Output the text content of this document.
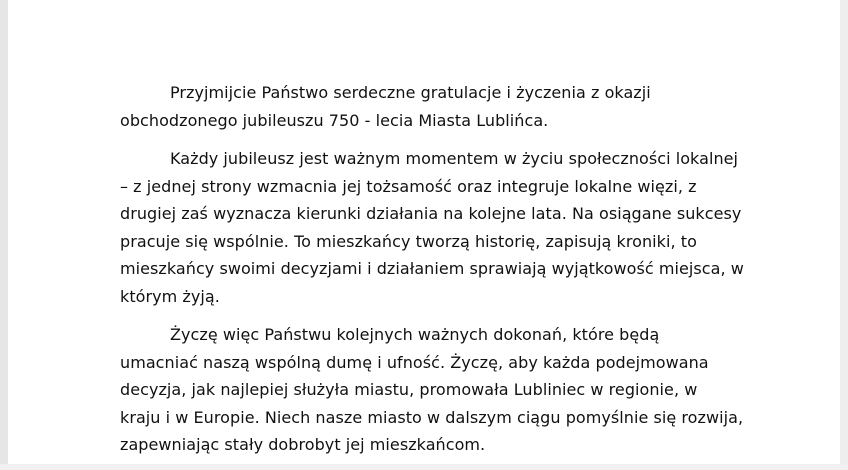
Przyjmijcie Państwo serdeczne gratulacje i życzenia z okazji
obchodzonego jubileuszu 750 - lecia Miasta Lublińca.

Każdy jubileusz jest ważnym momentem w życiu społeczności lokalnej
– z jednej strony wzmacnia jej tożsamość oraz integruje lokalne więzi, z
drugiej zaś wyznacza kierunki działania na kolejne lata. Na osiągane sukcesy
pracuje się wspólnie. To mieszkańcy tworzą historię, zapisują kroniki, to
mieszkańcy swoimi decyzjami i działaniem sprawiają wyjątkowość miejsca, w
którym żyją.

Życzę więc Państwu kolejnych ważnych dokonań, które będą
umacniać naszą wspólną dumę i ufność. Życzę, aby każda podejmowana
decyzja, jak najlepiej służyła miastu, promowała Lubliniec w regionie, w
kraju i w Europie. Niech nasze miasto w dalszym ciągu pomyślnie się rozwija,
zapewniając stały dobrobyt jej mieszkańcom.
